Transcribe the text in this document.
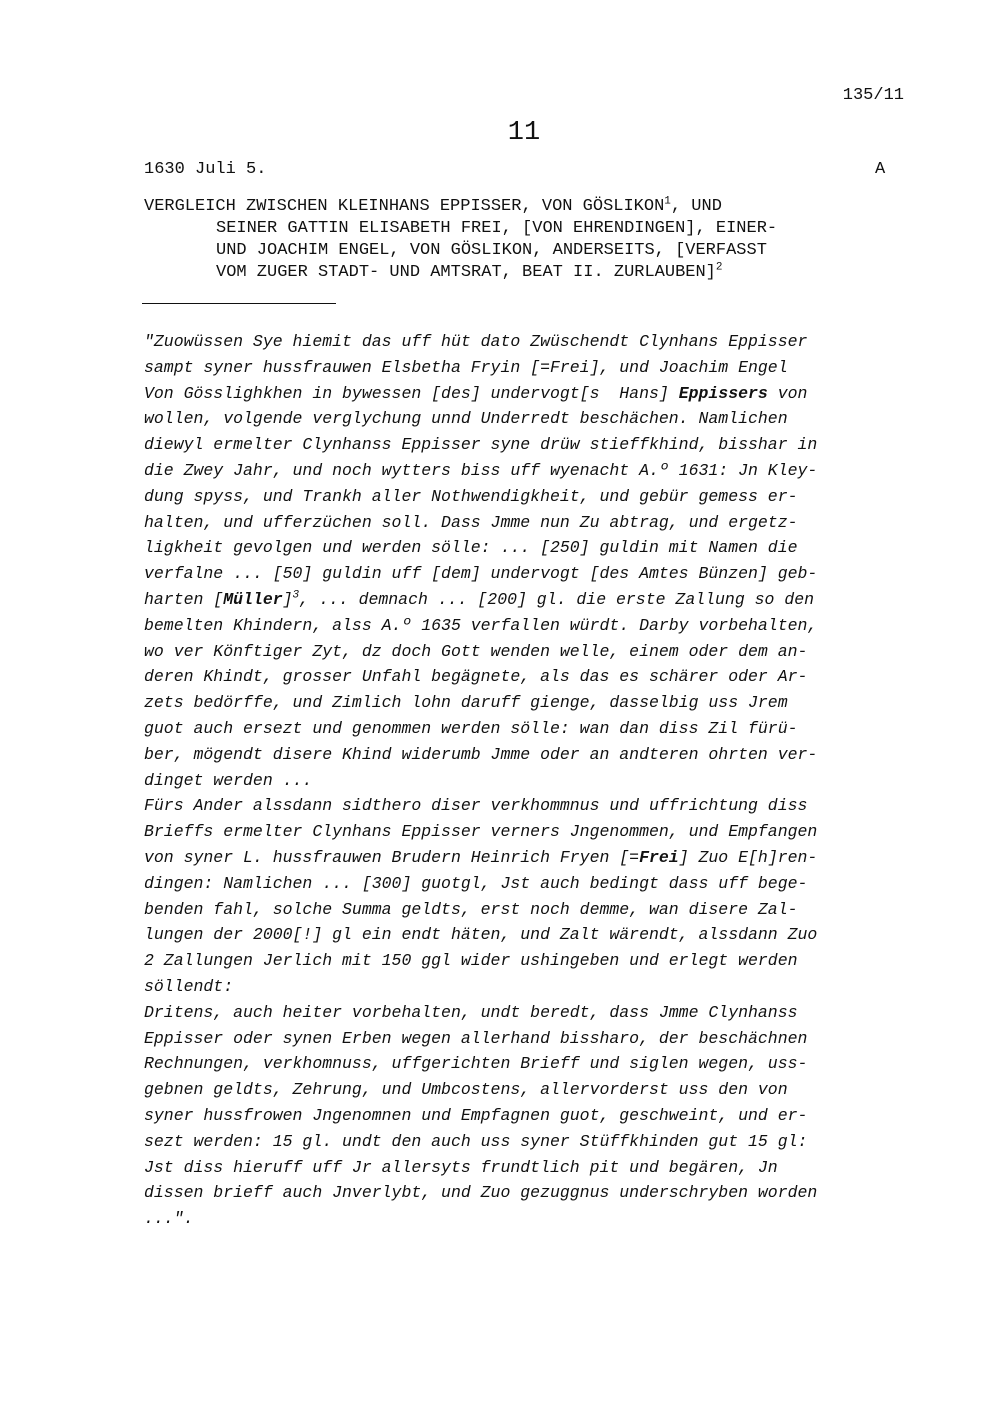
135/11
11
1630 Juli 5.	A
VERGLEICH ZWISCHEN KLEINHANS EPPISSER, VON GÖSLIKON$^1$, UND
SEINER GATTIN ELISABETH FREI, [VON EHRENDINGEN], EINER-
UND JOACHIM ENGEL, VON GÖSLIKON, ANDERSEITS, [VERFASST
VOM ZUGER STADT- UND AMTSRAT, BEAT II. ZURLAUBEN]$^2$
"Zuowüssen Sye hiemit das uff hüt dato Zwüschendt Clynhans Eppisser
sampt syner hussfrauwen Elsbetha Fryin [=Frei], und Joachim Engel
Von Gösslighkhen in bywessen [des] undervogt[s  Hans] Eppissers von
wollen, volgende verglychung unnd Underredt beschächen. Namlichen
diewyl ermelter Clynhanss Eppisser syne drüw stieffkhind, bisshar in
die Zwey Jahr, und noch wytters biss uff wyenacht A.º 1631: Jn Kley-
dung spyss, und Trankh aller Nothwendigkheit, und gebür gemess er-
halten, und ufferzüchen soll. Dass Jmme nun Zu abtrag, und ergetz-
ligkheit gevolgen und werden sölle: ... [250] guldin mit Namen die
verfalne ... [50] guldin uff [dem] undervogt [des Amtes Bünzen] geb-
harten [Müller]$^3$, ... demnach ... [200] gl. die erste Zallung so den
bemelten Khindern, alss A.º 1635 verfallen würdt. Darby vorbehalten,
wo ver Könftiger Zyt, dz doch Gott wenden welle, einem oder dem an-
deren Khindt, grosser Unfahl begägnete, als das es schärer oder Ar-
zets bedörffe, und Zimlich lohn daruff gienge, dasselbig uss Jrem
guot auch ersezt und genommen werden sölle: wan dan diss Zil fürü-
ber, mögendt disere Khind widerumb Jmme oder an andteren ohrten ver-
dinget werden ...
Fürs Ander alssdann sidthero diser verkhommnus und uffrichtung diss
Brieffs ermelter Clynhans Eppisser verners Jngenommen, und Empfangen
von syner L. hussfrauwen Brudern Heinrich Fryen [=Frei] Zuo E[h]ren-
dingen: Namlichen ... [300] guotgl, Jst auch bedingt dass uff bege-
benden fahl, solche Summa geldts, erst noch demme, wan disere Zal-
lungen der 2000[!] gl ein endt häten, und Zalt wärendt, alssdann Zuo
2 Zallungen Jerlich mit 150 ggl wider ushingeben und erlegt werden
söllendt:
Dritens, auch heiter vorbehalten, undt beredt, dass Jmme Clynhanss
Eppisser oder synen Erben wegen allerhand bissharo, der beschächnen
Rechnungen, verkhomnuss, uffgerichten Brieff und siglen wegen, uss-
gebnen geldts, Zehrung, und Umbcostens, allervorderst uss den von
syner hussfrowen Jngenomnen und Empfagnen guot, geschweint, und er-
sezt werden: 15 gl. undt den auch uss syner Stüffkhinden gut 15 gl:
Jst diss hieruff uff Jr allersyts frundtlich pit und begären, Jn
dissen brieff auch Jnverlybt, und Zuo gezuggnus underschryben worden
...".
